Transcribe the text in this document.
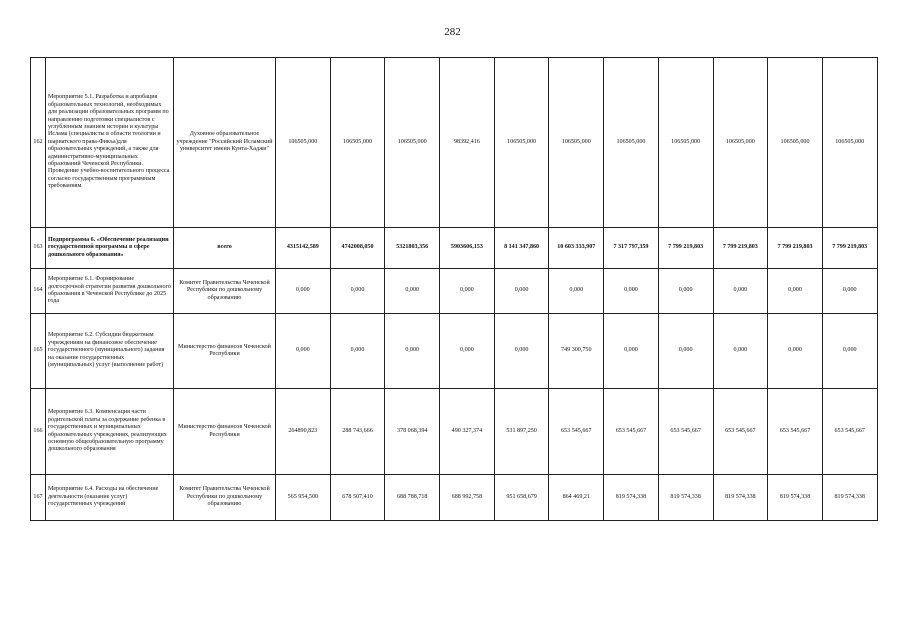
282
162	Мероприятие 5.1. Разработка и апробация образовательных технологий, необходимых для реализации образовательных программ по направлению подготовки специалистов с углубленным знанием истории и культуры Ислама (специалисты в области теологии и шариатского права-Фикъа)для образовательных учреждений, а также для административно-муниципальных образований Чеченской Республики. Проведение учебно-воспитательного процесса согласно государственным программным требованиям	Духовное образовательное учреждение "Российский Исламский университет имени Кунта-Хаджи"	106505,000	106505,000	106505,000	98392,416	106505,000	106505,000	106505,000	106505,000	106505,000	106505,000	106505,000
163	Подпрограмма 6. «Обеспечение реализации государственной программы в сфере дошкольного образования»	всего	4315142,589	4742008,050	5321803,356	5903606,153	8 141 347,860	10 603 333,907	7 317 797,359	7 799 219,803	7 799 219,803	7 799 219,803	7 799 219,803
164	Мероприятие 6.1. Формирование долгосрочной стратегии развития дошкольного образования в Чеченской Республике до 2025 года	Комитет Правительства Чеченской Республики по дошкольному образованию	0,000	0,000	0,000	0,000	0,000	0,000	0,000	0,000	0,000	0,000	0,000
165	Мероприятие 6.2. Субсидии бюджетным учреждениям на финансовое обеспечение государственного (муниципального) задания на оказание государственных (муниципальных) услуг (выполнение работ)	Министерство финансов Чеченской Республики	0,000	0,000	0,000	0,000	0,000	749 300,750	0,000	0,000	0,000	0,000	0,000
166	Мероприятие 6.3. Компенсация части родительской платы за содержание ребенка в государственных и муниципальных образовательных учреждениях, реализующих основную общеобразовательную программу дошкольного образования	Министерство финансов Чеченской Республики	264890,823	288 743,666	378 068,394	490 327,374	531 897,250	653 545,667	653 545,667	653 545,667	653 545,667	653 545,667	653 545,667
167	Мероприятие 6.4. Расходы на обеспечение деятельности (оказание услуг) государственных учреждений	Комитет Правительства Чеченской Республики по дошкольному образованию	565 954,500	678 507,410	688 788,718	688 992,758	951 658,679	864 469,21	819 574,338	819 574,338	819 574,338	819 574,338	819 574,338
